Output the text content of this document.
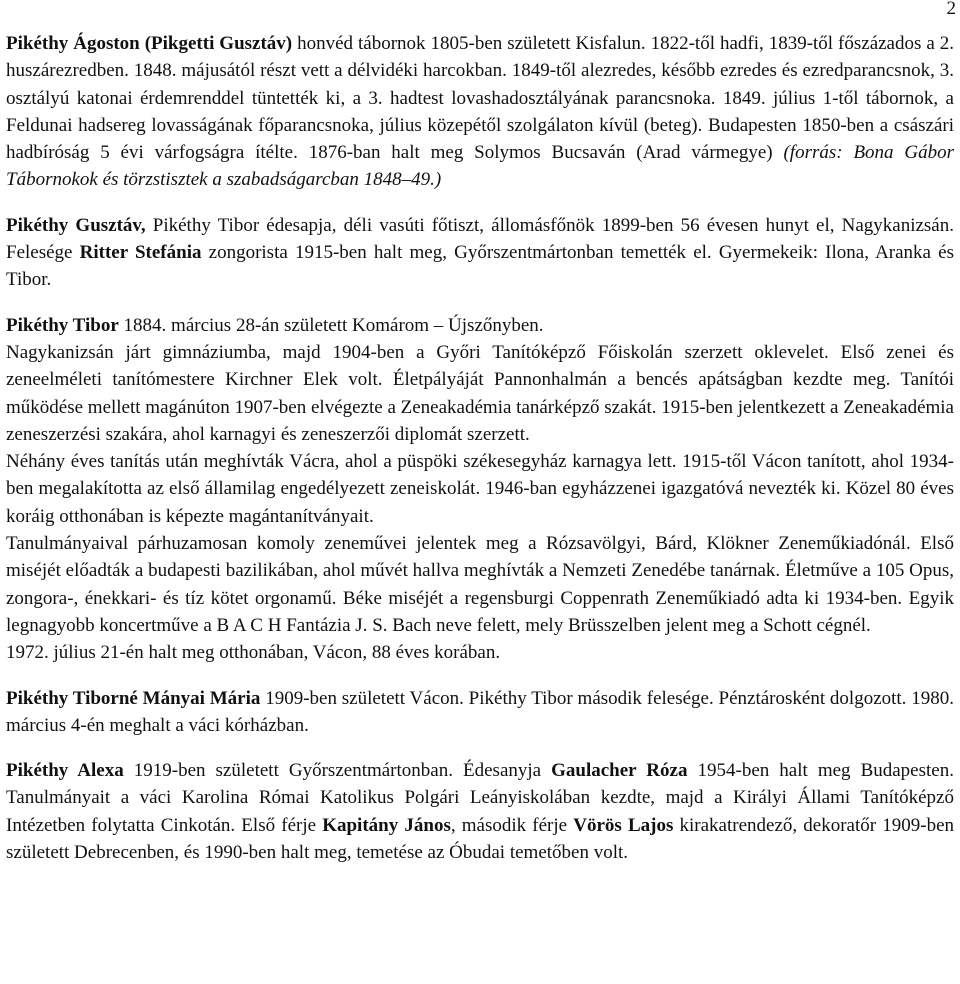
2

Pikéthy Ágoston (Pikgetti Gusztáv) honvéd tábornok 1805-ben született Kisfalun. 1822-től hadfi, 1839-től főszázados a 2. huszárezredben. 1848. májusától részt vett a délvidéki harcokban. 1849-től alezredes, később ezredes és ezredparancsnok, 3. osztályú katonai érdemrenddel tüntették ki, a 3. hadtest lovashadosztályának parancsnoka. 1849. július 1-től tábornok, a Feldunai hadsereg lovasságának főparancsnoka, július közepétől szolgálaton kívül (beteg). Budapesten 1850-ben a császári hadbíróság 5 évi várfogságra ítélte. 1876-ban halt meg Solymos Bucsaván (Arad vármegye) (forrás: Bona Gábor Tábornokok és törzstisztek a szabadságarcban 1848–49.)

Pikéthy Gusztáv, Pikéthy Tibor édesapja, déli vasúti főtiszt, állomásfőnök 1899-ben 56 évesen hunyt el, Nagykanizsán. Felesége Ritter Stefánia zongorista 1915-ben halt meg, Győrszentmártonban temették el. Gyermekeik: Ilona, Aranka és Tibor.

Pikéthy Tibor 1884. március 28-án született Komárom – Újszőnyben.

Nagykanizsán járt gimnáziumba, majd 1904-ben a Győri Tanítóképző Főiskolán szerzett oklevelet. Első zenei és zeneelméleti tanítómestere Kirchner Elek volt. Életpályáját Pannonhalmán a bencés apátságban kezdte meg. Tanítói működése mellett magánúton 1907-ben elvégezte a Zeneakadémia tanárképző szakát. 1915-ben jelentkezett a Zeneakadémia zeneszerzési szakára, ahol karnagyi és zeneszerzői diplomát szerzett.

Néhány éves tanítás után meghívták Vácra, ahol a püspöki székesegyház karnagya lett. 1915-től Vácon tanított, ahol 1934-ben megalakította az első államilag engedélyezett zeneiskolát. 1946-ban egyházzenei igazgatóvá nevezték ki. Közel 80 éves koráig otthonában is képezte magántanítványait.

Tanulmányaival párhuzamosan komoly zeneművei jelentek meg a Rózsavölgyi, Bárd, Klökner Zeneműkiadónál. Első miséjét előadták a budapesti bazilikában, ahol művét hallva meghívták a Nemzeti Zenedébe tanárnak. Életműve a 105 Opus, zongora-, énekkari- és tíz kötet orgonamű. Béke miséjét a regensburgi Coppenrath Zeneműkiadó adta ki 1934-ben. Egyik legnagyobb koncertműve a B A C H Fantázia J. S. Bach neve felett, mely Brüsszelben jelent meg a Schott cégnél.

1972. július 21-én halt meg otthonában, Vácon, 88 éves korában.

Pikéthy Tiborné Mányai Mária 1909-ben született Vácon. Pikéthy Tibor második felesége. Pénztárosként dolgozott. 1980. március 4-én meghalt a váci kórházban.

Pikéthy Alexa 1919-ben született Győrszentmártonban. Édesanyja Gaulacher Róza 1954-ben halt meg Budapesten. Tanulmányait a váci Karolina Római Katolikus Polgári Leányiskolában kezdte, majd a Királyi Állami Tanítóképző Intézetben folytatta Cinkotán. Első férje Kapitány János, második férje Vörös Lajos kirakatrendező, dekoratőr 1909-ben született Debrecenben, és 1990-ben halt meg, temetése az Óbudai temetőben volt.
